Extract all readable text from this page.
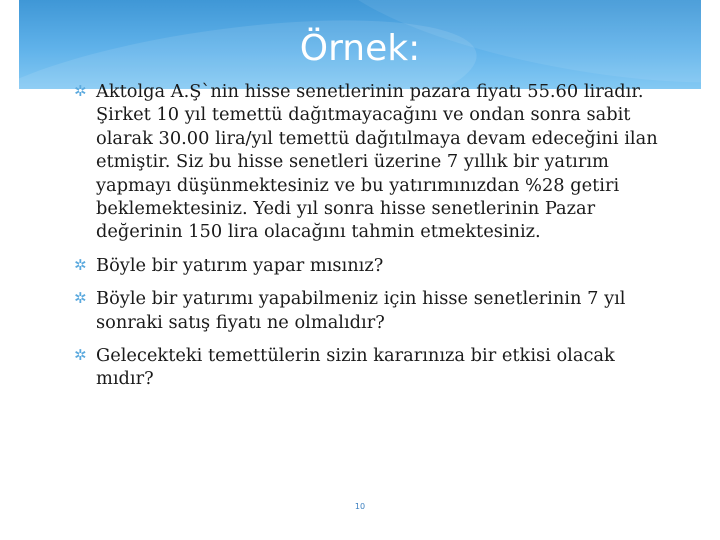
Örnek:
✲ Aktolga A.Ş`nin hisse senetlerinin pazara fiyatı 55.60 liradır. Şirket 10 yıl temettü dağıtmayacağını ve ondan sonra sabit olarak 30.00 lira/yıl temettü dağıtılmaya devam edeceğini ilan etmiştir. Siz bu hisse senetleri üzerine 7 yıllık bir yatırım yapmayı düşünmektesiniz ve bu yatırımınızdan %28 getiri beklemektesiniz. Yedi yıl sonra hisse senetlerinin Pazar değerinin 150 lira olacağını tahmin etmektesiniz.
✲ Böyle bir yatırım yapar mısınız?
✲ Böyle bir yatırımı yapabilmeniz için hisse senetlerinin 7 yıl sonraki satış fiyatı ne olmalıdır?
✲ Gelecekteki temettülerin sizin kararınıza bir etkisi olacak mıdır?
10
